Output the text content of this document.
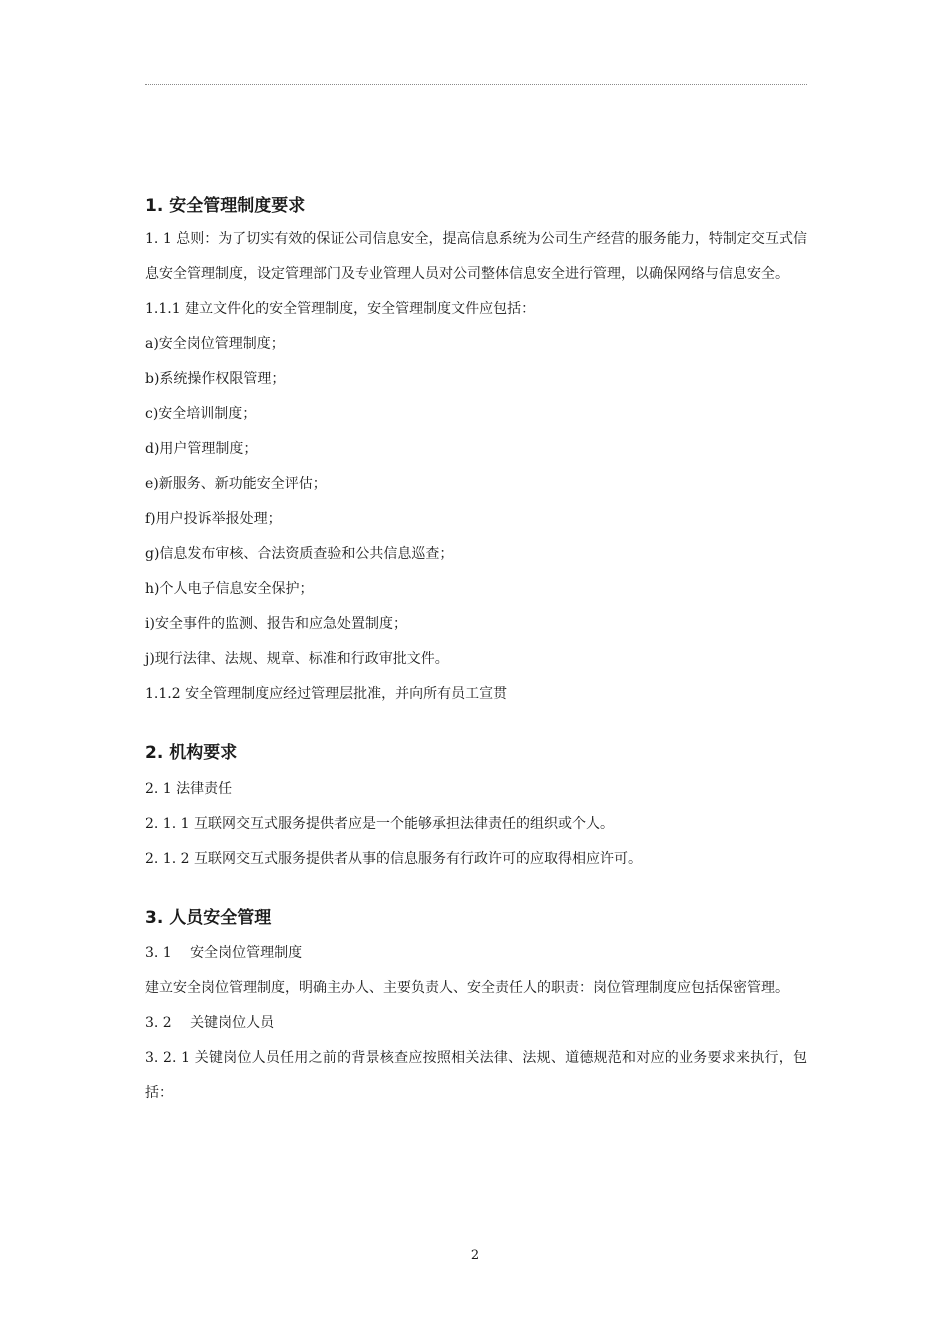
1. 安全管理制度要求

1. 1 总则：为了切实有效的保证公司信息安全，提高信息系统为公司生产经营的服务能力，特制定交互式信息安全管理制度，设定管理部门及专业管理人员对公司整体信息安全进行管理，以确保网络与信息安全。

1.1.1 建立文件化的安全管理制度，安全管理制度文件应包括：

a)安全岗位管理制度；

b)系统操作权限管理；

c)安全培训制度；

d)用户管理制度；

e)新服务、新功能安全评估；

f)用户投诉举报处理；

g)信息发布审核、合法资质查验和公共信息巡查；

h)个人电子信息安全保护；

i)安全事件的监测、报告和应急处置制度；

j)现行法律、法规、规章、标准和行政审批文件。

1.1.2 安全管理制度应经过管理层批准，并向所有员工宣贯

2. 机构要求

2. 1 法律责任

2. 1. 1 互联网交互式服务提供者应是一个能够承担法律责任的组织或个人。

2. 1. 2 互联网交互式服务提供者从事的信息服务有行政许可的应取得相应许可。

3. 人员安全管理

3. 1　 安全岗位管理制度

建立安全岗位管理制度，明确主办人、主要负责人、安全责任人的职责：岗位管理制度应包括保密管理。

3. 2　 关键岗位人员

3. 2. 1 关键岗位人员任用之前的背景核查应按照相关法律、法规、道德规范和对应的业务要求来执行，包括：

2
